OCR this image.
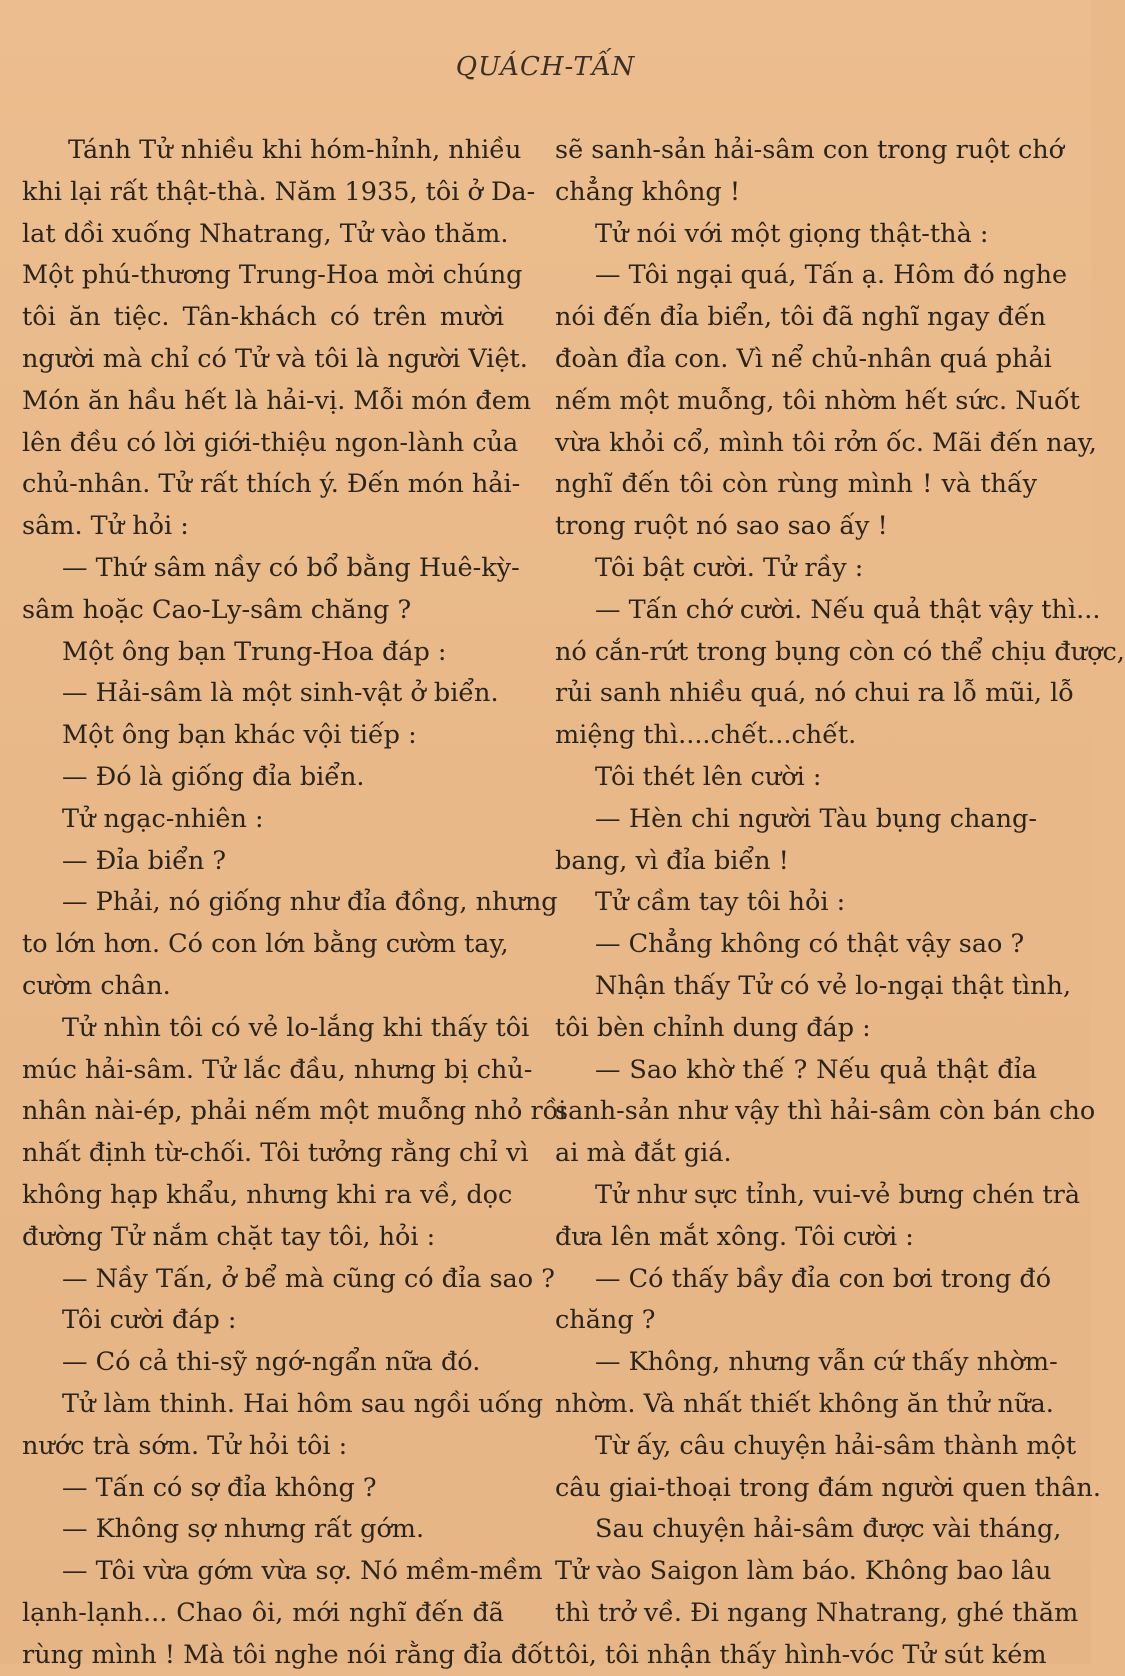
QUÁCH-TẤN
Tánh Tử nhiều khi hóm-hỉnh, nhiều
khi lại rất thật-thà. Năm 1935, tôi ở Da-
lat dồi xuống Nhatrang, Tử vào thăm.
Một phú-thương Trung-Hoa mời chúng
tôi ăn tiệc. Tân-khách có trên mười
người mà chỉ có Tử và tôi là người Việt.
Món ăn hầu hết là hải-vị. Mỗi món đem
lên đều có lời giới-thiệu ngon-lành của
chủ-nhân. Tử rất thích ý. Đến món hải-
sâm. Tử hỏi :
— Thứ sâm nầy có bổ bằng Huê-kỳ-
sâm hoặc Cao-Ly-sâm chăng ?
Một ông bạn Trung-Hoa đáp :
— Hải-sâm là một sinh-vật ở biển.
Một ông bạn khác vội tiếp :
— Đó là giống đỉa biển.
Tử ngạc-nhiên :
— Đỉa biển ?
— Phải, nó giống như đỉa đồng, nhưng
to lớn hơn. Có con lớn bằng cườm tay,
cườm chân.
Tử nhìn tôi có vẻ lo-lắng khi thấy tôi
múc hải-sâm. Tử lắc đầu, nhưng bị chủ-
nhân nài-ép, phải nếm một muỗng nhỏ rồi
nhất định từ-chối. Tôi tưởng rằng chỉ vì
không hạp khẩu, nhưng khi ra về, dọc
đường Tử nắm chặt tay tôi, hỏi :
— Nầy Tấn, ở bể mà cũng có đỉa sao ?
Tôi cười đáp :
— Có cả thi-sỹ ngớ-ngẩn nữa đó.
Tử làm thinh. Hai hôm sau ngồi uống
nước trà sớm. Tử hỏi tôi :
— Tấn có sợ đỉa không ?
— Không sợ nhưng rất gớm.
— Tôi vừa gớm vừa sợ. Nó mềm-mềm
lạnh-lạnh... Chao ôi, mới nghĩ đến đã
rùng mình ! Mà tôi nghe nói rằng đỉa đốt
sẽ sanh-sản hải-sâm con trong ruột chớ
chẳng không !
Tử nói với một giọng thật-thà :
— Tôi ngại quá, Tấn ạ. Hôm đó nghe
nói đến đỉa biển, tôi đã nghĩ ngay đến
đoàn đỉa con. Vì nể chủ-nhân quá phải
nếm một muỗng, tôi nhờm hết sức. Nuốt
vừa khỏi cổ, mình tôi rởn ốc. Mãi đến nay,
nghĩ đến tôi còn rùng mình ! và thấy
trong ruột nó sao sao ấy !
Tôi bật cười. Tử rầy :
— Tấn chớ cười. Nếu quả thật vậy thì...
nó cắn-rứt trong bụng còn có thể chịu được,
rủi sanh nhiều quá, nó chui ra lỗ mũi, lỗ
miệng thì....chết...chết.
Tôi thét lên cười :
— Hèn chi người Tàu bụng chang-
bang, vì đỉa biển !
Tử cầm tay tôi hỏi :
— Chẳng không có thật vậy sao ?
Nhận thấy Tử có vẻ lo-ngại thật tình,
tôi bèn chỉnh dung đáp :
— Sao khờ thế ? Nếu quả thật đỉa
sanh-sản như vậy thì hải-sâm còn bán cho
ai mà đắt giá.
Tử như sực tỉnh, vui-vẻ bưng chén trà
đưa lên mắt xông. Tôi cười :
— Có thấy bầy đỉa con bơi trong đó
chăng ?
— Không, nhưng vẫn cứ thấy nhờm-
nhờm. Và nhất thiết không ăn thử nữa.
Từ ấy, câu chuyện hải-sâm thành một
câu giai-thoại trong đám người quen thân.
Sau chuyện hải-sâm được vài tháng,
Tử vào Saigon làm báo. Không bao lâu
thì trở về. Đi ngang Nhatrang, ghé thăm
tôi, tôi nhận thấy hình-vóc Tử sút kém
